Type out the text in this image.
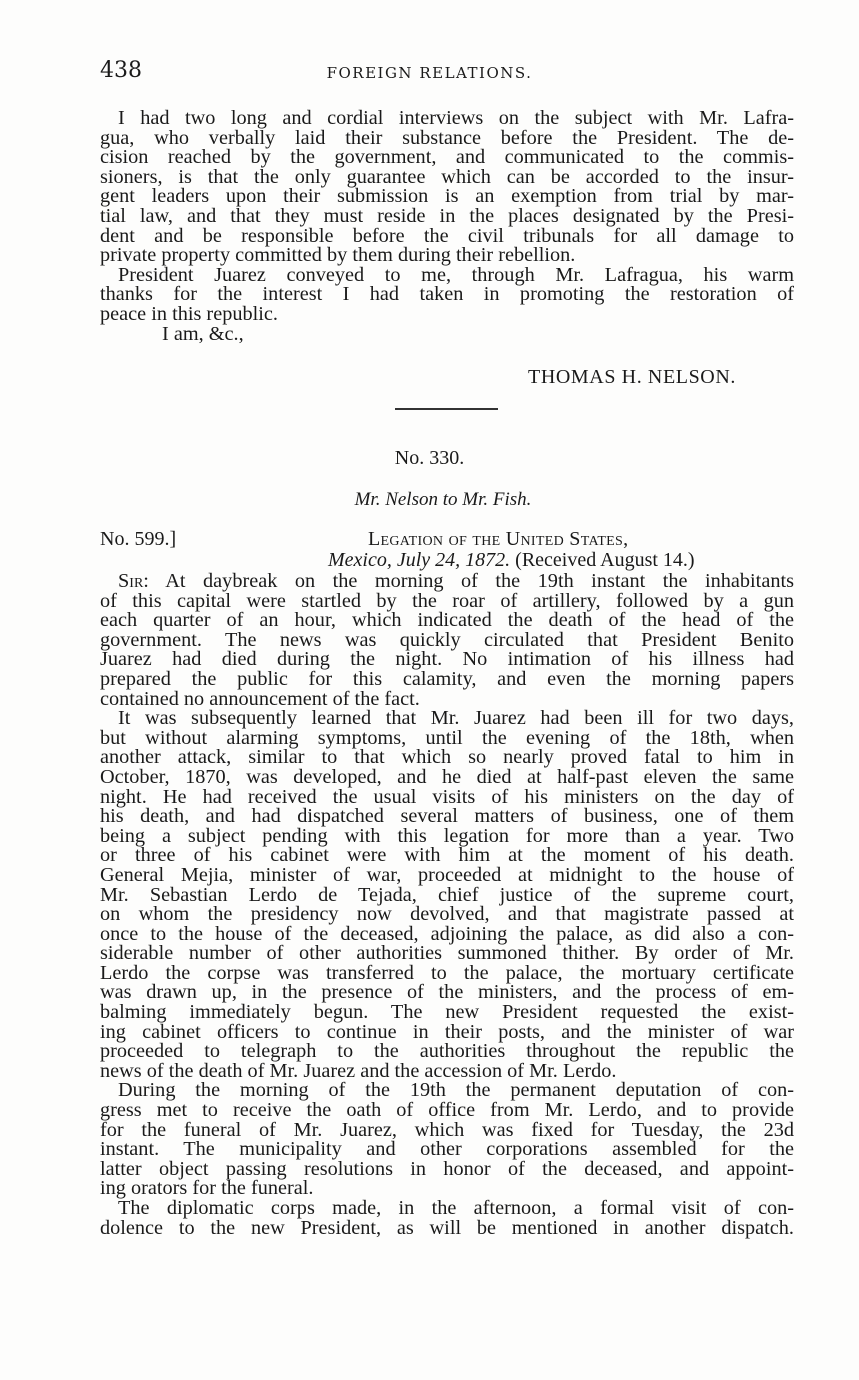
438	FOREIGN RELATIONS.
I had two long and cordial interviews on the subject with Mr. Lafra-
gua, who verbally laid their substance before the President. The de-
cision reached by the government, and communicated to the commis-
sioners, is that the only guarantee which can be accorded to the insur-
gent leaders upon their submission is an exemption from trial by mar-
tial law, and that they must reside in the places designated by the Presi-
dent and be responsible before the civil tribunals for all damage to
private property committed by them during their rebellion.
President Juarez conveyed to me, through Mr. Lafragua, his warm
thanks for the interest I had taken in promoting the restoration of
peace in this republic.
I am, &c.,
THOMAS H. NELSON.
No. 330.
Mr. Nelson to Mr. Fish.
No. 599.]	Legation of the United States,
Mexico, July 24, 1872. (Received August 14.)
Sir: At daybreak on the morning of the 19th instant the inhabitants
of this capital were startled by the roar of artillery, followed by a gun
each quarter of an hour, which indicated the death of the head of the
government. The news was quickly circulated that President Benito
Juarez had died during the night. No intimation of his illness had
prepared the public for this calamity, and even the morning papers
contained no announcement of the fact.
It was subsequently learned that Mr. Juarez had been ill for two days,
but without alarming symptoms, until the evening of the 18th, when
another attack, similar to that which so nearly proved fatal to him in
October, 1870, was developed, and he died at half-past eleven the same
night. He had received the usual visits of his ministers on the day of
his death, and had dispatched several matters of business, one of them
being a subject pending with this legation for more than a year. Two
or three of his cabinet were with him at the moment of his death.
General Mejia, minister of war, proceeded at midnight to the house of
Mr. Sebastian Lerdo de Tejada, chief justice of the supreme court,
on whom the presidency now devolved, and that magistrate passed at
once to the house of the deceased, adjoining the palace, as did also a con-
siderable number of other authorities summoned thither. By order of Mr.
Lerdo the corpse was transferred to the palace, the mortuary certificate
was drawn up, in the presence of the ministers, and the process of em-
balming immediately begun. The new President requested the exist-
ing cabinet officers to continue in their posts, and the minister of war
proceeded to telegraph to the authorities throughout the republic the
news of the death of Mr. Juarez and the accession of Mr. Lerdo.
During the morning of the 19th the permanent deputation of con-
gress met to receive the oath of office from Mr. Lerdo, and to provide
for the funeral of Mr. Juarez, which was fixed for Tuesday, the 23d
instant. The municipality and other corporations assembled for the
latter object passing resolutions in honor of the deceased, and appoint-
ing orators for the funeral.
The diplomatic corps made, in the afternoon, a formal visit of con-
dolence to the new President, as will be mentioned in another dispatch.
